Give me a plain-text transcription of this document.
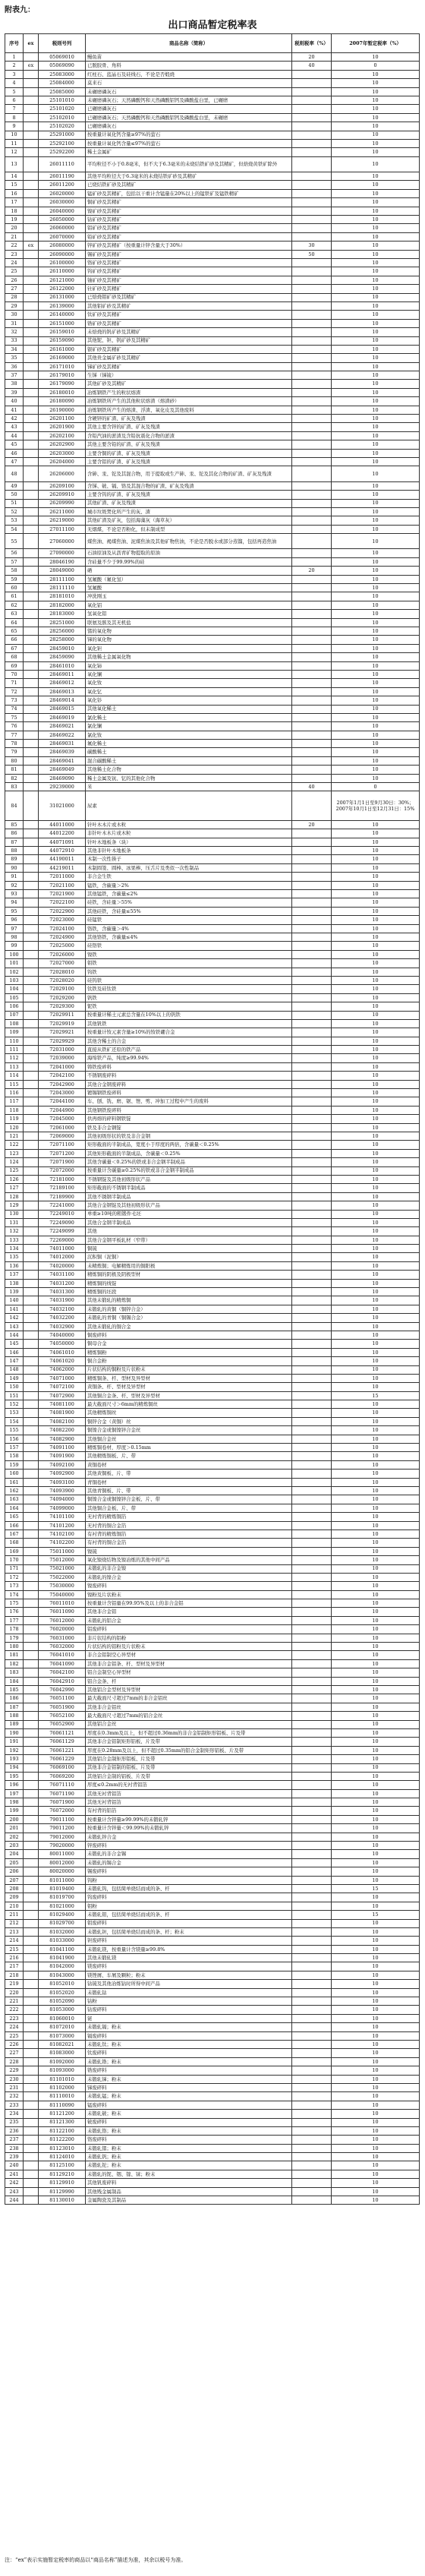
附表九：
出口商品暂定税率表
序号	ex	税则号列	商品名称（简称）	税则税率（%）	2007年暂定税率（%）
1		05069010	鳗鱼苗	20	10
2	ex	05069090	已脱胶骨、角料	40	0
3		25083000	红柱石、蓝晶石及硅线石，不论是否煅烧		10
4		25084000	莫来石		10
5		25085000	未碾磨磷灰石		10
6		25101010	未碾磨磷灰石；天然磷酸钙和天然磷酸铝钙及磷酸盐白垩，已碾磨		10
7		25101020	已碾磨磷灰石		10
8		25102010	已碾磨磷灰石；天然磷酸钙和天然磷酸铝钙及磷酸盐白垩，未碾磨		10
9		25102020	已碾磨磷灰石		10
10		25291000	按重量计氧化钙含量≥97%的萤石		10
11		25292100	按重量计氧化钙含量≤97%的萤石		10
12		25292200	稀土金属矿		10
13		26011110	平均粒径不小于0.8毫米，但不大于6.3毫米的未烧结铁矿砂及其精矿，但焙烧黄铁矿除外		10
14		26011190	其他平均粒径大于6.3毫米的未烧结铁矿砂及其精矿		10
15		26011200	已烧结铁矿砂及其精矿		10
16		26020000	锰矿砂及其精矿，包括以干重计含锰量在20%以上的锰铁矿及锰铁精矿		10
17		26030000	铜矿砂及其精矿		10
18		26040000	镍矿砂及其精矿		10
19		26050000	钴矿砂及其精矿		10
20		26060000	铝矿砂及其精矿		10
21		26070000	铅矿砂及其精矿		10
22	ex	26080000	锌矿砂及其精矿（按重量计锌含量大于30%）	30	10
23		26090000	锡矿砂及其精矿	50	10
24		26100000	铬矿砂及其精矿		10
25		26110000	钨矿砂及其精矿		10
26		26121000	铀矿砂及其精矿		10
27		26122000	钍矿砂及其精矿		10
28		26131000	已焙烧钼矿砂及其精矿		10
29		26139000	其他钼矿砂及其精矿		10
30		26140000	钛矿砂及其精矿		10
31		26151000	锆矿砂及其精矿		10
32		26159010	未焙烧的钒矿砂及其精矿		10
33		26159090	其他铌、钽、钒矿砂及其精矿		10
34		26161000	银矿砂及其精矿		10
35		26169000	其他贵金属矿砂及其精矿		10
36		26171010	锑矿砂及其精矿		10
37		26179010	生锑（锑锍）		10
38		26179090	其他矿砂及其精矿		10
39		26180010	冶炼钢铁产生的粒状熔渣		10
40		26180090	冶炼钢铁所产生的其他粒状熔渣（熔渣砂）		10
41		26190000	冶炼钢铁所产生的熔渣、浮渣、氧化皮及其他废料		10
42		26201100	含硬锌的矿渣、矿灰及残渣		10
43		26201900	其他主要含锌的矿渣、矿灰及残渣		10
44		26202100	含铅汽油的淤渣及含铅抗震化合物的淤渣		10
45		26202900	其他主要含铅的矿渣、矿灰及残渣		10
46		26203000	主要含铜的矿渣、矿灰及残渣		10
47		26204000	主要含铝的矿渣、矿灰及残渣		10
48		26206000	含砷、汞、铊及其混合物，用于提取或生产砷、汞、铊及其化合物的矿渣、矿灰及残渣		10
49		26209100	含锑、铍、镉、铬及其混合物的矿渣、矿灰及残渣		10
50		26209910	主要含钨的矿渣、矿灰及残渣		10
51		26209990	其他矿渣、矿灰及残渣		10
52		26211000	城市垃圾焚化所产生的灰、渣		10
53		26219000	其他矿渣及矿灰，包括海藻灰（海草灰）		10
54		27011100	无烟煤，不论是否粉化，但未制成型		10
55		27060000	煤焦油、褐煤焦油、泥煤焦油及其他矿物焦油，不论是否脱水或部分蒸馏，包括再造焦油		10
56		27090000	石油原油及从沥青矿物提取的原油		10
57		28046190	含硅量不少于99.99%的硅		10
58		28049000	硒	20	10
59		28111100	氢氟酸（氟化氢）		10
60		28111110	氢氟酸		10
61		28181010	冲洗刚玉		10
62		28182000	氧化铝		10
63		28183000	氢氧化铝		10
64		28251000	联氨及胲及其无机盐		10
65		28256000	锗的氧化物		10
66		28258000	锑的氧化物		10
67		28459010	氧化钽		10
68		28459090	其他稀土金属氧化物		10
69		28461010	氧化铈		10
70		28469011	氧化镧		10
71		28469012	氧化钕		10
72		28469013	氧化钇		10
73		28469014	氧化钐		10
74		28469015	其他氧化稀土		10
75		28469019	氯化稀土		10
76		28469021	氯化镧		10
77		28469022	氯化钕		10
78		28469031	氟化稀土		10
79		28469039	碳酸稀土		10
80		28469041	混合碳酸稀土		10
81		28469049	其他稀土化合物		10
82		28469090	稀土金属及钪、钇的其他化合物		10
83		29239000	米	40	0
84		31021000	尿素		2007年1月1日至9月30日：30%；2007年10月1日至12月31日：15%
85		44011000	针叶木木片或木粒	20	10
86		44012200	非针叶木木片或木粒		10
87		44071091	针叶木地板条（块）		10
88		44072910	其他非针叶木地板条		10
89		44190011	木制一次性筷子		10
90		44219011	木制圆签、圆棒、冰果棒、压舌片及类似一次性制品		10
91		72011000	非合金生铁		10
92		72021100	锰铁，含碳量＞2%		10
93		72021900	其他锰铁，含碳量≤2%		10
94		72022100	硅铁，含硅量＞55%		10
95		72022900	其他硅铁，含硅量≤55%		10
96		72023000	硅锰铁		10
97		72024100	铬铁，含碳量＞4%		10
98		72024900	其他铬铁，含碳量≤4%		10
99		72025000	硅铬铁		10
100		72026000	镍铁		10
101		72027000	钼铁		10
102		72028010	钨铁		10
103		72028020	硅钨铁		10
104		72029100	钛铁及硅钛铁		10
105		72029200	钒铁		10
106		72029300	铌铁		10
107		72029911	按重量计稀土元素总含量在10%以上的钒铁		10
108		72029919	其他钒铁		10
109		72029921	按重量计钕元素含量≥10%的钕铁硼合金		10
110		72029929	其他含稀土的合金		10
111		72031000	直接从铁矿还原的铁产品		10
112		72039000	海绵铁产品，纯度≥99.94%		10
113		72041000	铸铁废碎料		10
114		72042100	不锈钢废碎料		10
115		72042900	其他合金钢废碎料		10
116		72043000	镀锡钢铁废碎料		10
117		72044100	车、刨、铣、磨、锯、锉、剪、冲加工过程中产生的废料		10
118		72044900	其他钢铁废碎料		10
119		72045000	供再熔的碎料钢铁锭		10
120		72061000	铁及非合金钢锭		10
121		72069000	其他初级形状的铁及非合金钢		10
122		72071100	矩形截面的半制成品，宽度小于厚度的两倍，含碳量＜0.25%		10
123		72071200	其他矩形截面的半制成品，含碳量＜0.25%		10
124		72071900	其他含碳量＜0.25%的铁或非合金钢半制成品		10
125		72072000	按重量计含碳量≥0.25%的铁或非合金钢半制成品		10
126		72181000	不锈钢锭及其他初级形状产品		10
127		72189100	矩形截面的不锈钢半制成品		10
128		72189900	其他不锈钢半制成品		10
129		72241000	其他合金钢锭及其他初级形状产品		10
130		72249010	单重≥10吨的粗锻件毛坯		10
131		72249090	其他合金钢半制成品		10
132		72249099	其他		10
133		72269000	其他合金钢平板轧材（窄带）		10
134		74011000	铜锍		10
135		74012000	沉积铜（泥铜）		10
136		74020000	未精炼铜；电解精炼用的铜阳极		10
137		74031100	精炼铜的阴极及阴极型材		10
138		74031200	精炼铜的线锭		10
139		74031300	精炼铜的坯段		10
140		74031900	其他未锻轧的精炼铜		10
141		74032100	未锻轧的黄铜（铜锌合金）		10
142		74032200	未锻轧的青铜（铜锡合金）		10
143		74032900	其他未锻轧的铜合金		10
144		74040000	铜废碎料		10
145		74050000	铜母合金		10
146		74061010	精炼铜粉		10
147		74061020	铜合金粉		10
148		74062000	片状结构的铜粉及片状粉末		10
149		74071000	精炼铜条、杆、型材及异型材		10
150		74072100	黄铜条、杆、型材及异型材		10
151		74072900	其他铜合金条、杆、型材及异型材		15
152		74081100	最大截面尺寸＞6mm的精炼铜丝		10
153		74081900	其他精炼铜丝		10
154		74082100	铜锌合金（黄铜）丝		10
155		74082200	铜镍合金或铜镍锌合金丝		10
156		74082900	其他铜合金丝		10
157		74091100	精炼铜卷材，厚度＞0.15mm		10
158		74091900	其他精炼铜板、片、带		10
159		74092100	黄铜卷材		10
160		74092900	其他黄铜板、片、带		10
161		74093100	青铜卷材		10
162		74093900	其他青铜板、片、带		10
163		74094000	铜镍合金或铜镍锌合金板、片、带		10
164		74099000	其他铜合金板、片、带		10
165		74101100	无衬背的精炼铜箔		10
166		74101200	无衬背的铜合金箔		10
167		74102100	有衬背的精炼铜箔		10
168		74102200	有衬背的铜合金箔		10
169		75011000	镍锍		10
170		75012000	氧化镍烧结物及镍冶炼的其他中间产品		10
171		75021000	未锻轧的非合金镍		10
172		75022000	未锻轧的镍合金		10
173		75030000	镍废碎料		10
174		75040000	镍粉及片状粉末		10
175		76011010	按重量计含铝量在99.95%及以上的非合金铝		10
176		76011090	其他非合金铝		10
177		76012000	未锻轧的铝合金		10
178		76020000	铝废碎料		10
179		76031000	非片状结构的铝粉		10
180		76032000	片状结构的铝粉及片状粉末		10
181		76041010	非合金铝制空心异型材		10
182		76041090	其他非合金铝条、杆、型材及异型材		10
183		76042100	铝合金制空心异型材		10
184		76042910	铝合金条、杆		10
185		76042990	其他铝合金型材及异型材		10
186		76051100	最大截面尺寸超过7mm的非合金铝丝		10
187		76051900	其他非合金铝丝		10
188		76052100	最大截面尺寸超过7mm的铝合金丝		10
189		76052900	其他铝合金丝		10
190		76061121	厚度在0.3mm及以上，但不超过0.36mm的非合金铝制矩形铝板、片及带		10
191		76061129	其他非合金铝制矩形铝板、片及带		10
192		76061221	厚度在0.28mm及以上，但不超过0.35mm的铝合金制矩形铝板、片及带		10
193		76061229	其他铝合金制矩形铝板、片及带		10
194		76069100	其他非合金铝制的铝板、片及带		10
195		76069200	其他铝合金制的铝板、片及带		10
196		76071110	厚度≤0.2mm的无衬背铝箔		10
197		76071190	其他无衬背铝箔		10
198		76071900	其他无衬背铝箔		10
199		76072000	有衬背的铝箔		10
200		79011100	按重量计含锌量≥99.99%的未锻轧锌		10
201		79011200	按重量计含锌量＜99.99%的未锻轧锌		10
202		79012000	未锻轧锌合金		10
203		79020000	锌废碎料		10
204		80011000	未锻轧的非合金锡		10
205		80012000	未锻轧的锡合金		10
206		80020000	锡废碎料		10
207		81011000	钨粉		10
208		81019400	未锻轧钨，包括简单烧结而成的条、杆		15
209		81019700	钨废碎料		10
210		81021000	钼粉		10
211		81029400	未锻轧钼，包括简单烧结而成的条、杆		15
212		81029700	钼废碎料		10
213		81032000	未锻轧钽，包括简单烧结而成的条、杆；粉末		10
214		81033000	钽废碎料		10
215		81041100	未锻轧镁，按重量计含镁量≥99.8%		10
216		81041900	其他未锻轧镁		10
217		81042000	镁废碎料		10
218		81043000	镁锉屑、车屑及颗粒；粉末		10
219		81052010	钴锍及其他冶炼钴时所得中间产品		10
220		81052020	未锻轧钴		10
221		81052090	钴粉		10
222		81053000	钴废碎料		10
223		81060010	铋		10
224		81072010	未锻轧镉；粉末		10
225		81073000	镉废碎料		10
226		81082021	未锻轧钛；粉末		10
227		81083000	钛废碎料		10
228		81092000	未锻轧锆；粉末		10
229		81093000	锆废碎料		10
230		81101010	未锻轧锑；粉末		10
231		81102000	锑废碎料		10
232		81110010	未锻轧锰；粉末		10
233		81110090	锰废碎料		10
234		81121200	未锻轧铍；粉末		10
235		81121300	铍废碎料		10
236		81122100	未锻轧铬；粉末		10
237		81122200	铬废碎料		10
238		81123010	未锻轧锗；粉末		10
239		81124010	未锻轧钒；粉末		10
240		81125100	未锻轧铊；粉末		10
241		81129210	未锻轧的铌、铟、镓、铼；粉末		10
242		81129910	其他钒废碎料		10
243		81129990	其他贱金属制品		10
244		81130010	金属陶瓷及其制品		10
注：“ex”表示实施暂定税率的商品以“商品名称”描述为准，其余以税号为准。
